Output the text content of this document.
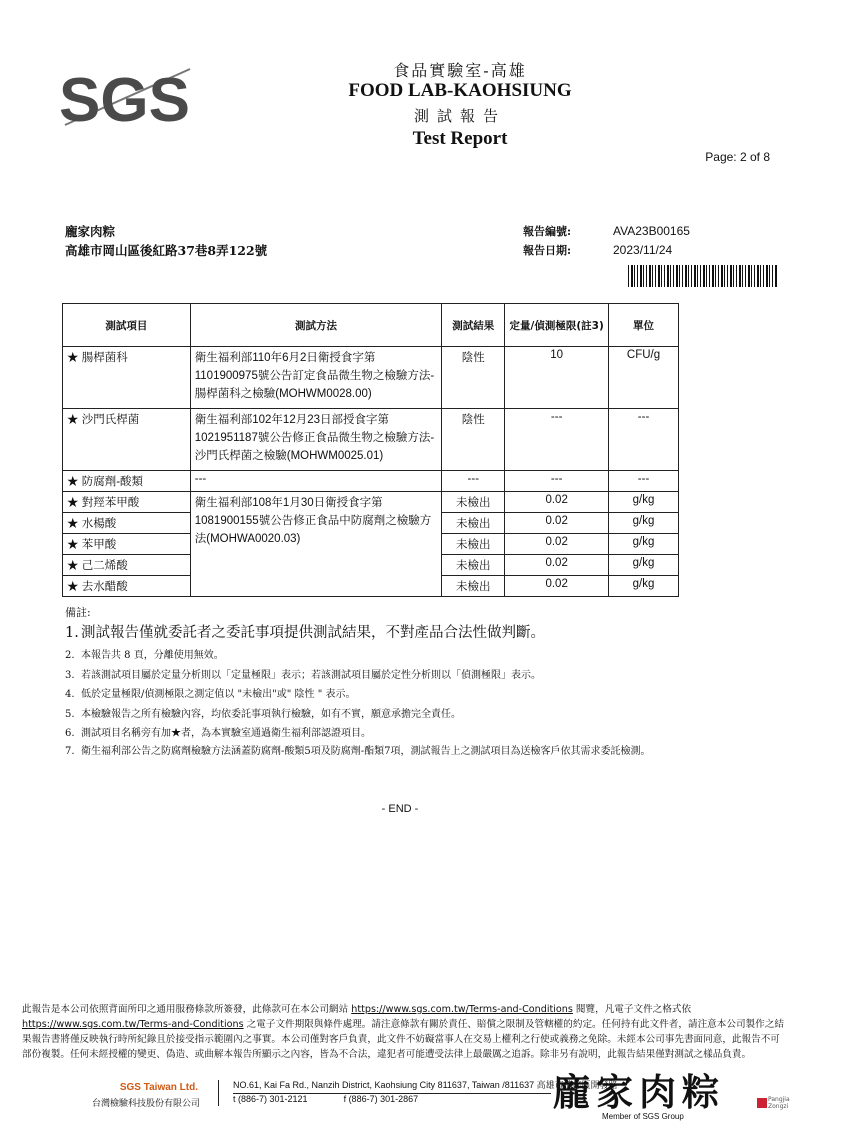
SGS	食品實驗室-高雄
FOOD LAB-KAOHSIUNG
測試報告
Test Report
Page: 2 of 8
龐家肉粽
高雄市岡山區後紅路37巷8弄122號
報告編號:
報告日期:
AVA23B00165
2023/11/24
測試項目	測試方法	測試結果	定量/偵測極限(註3)	單位
★ 腸桿菌科	衛生福利部110年6月2日衛授食字第1101900975號公告訂定食品微生物之檢驗方法-腸桿菌科之檢驗(MOHWM0028.00)	陰性	10	CFU/g
★ 沙門氏桿菌	衛生福利部102年12月23日部授食字第1021951187號公告修正食品微生物之檢驗方法-沙門氏桿菌之檢驗(MOHWM0025.01)	陰性	---	---
★ 防腐劑-酸類	---	---	---	---
★ 對羥苯甲酸	衛生福利部108年1月30日衛授食字第1081900155號公告修正食品中防腐劑之檢驗方法(MOHWA0020.03)	未檢出	0.02	g/kg
★ 水楊酸		未檢出	0.02	g/kg
★ 苯甲酸		未檢出	0.02	g/kg
★ 己二烯酸		未檢出	0.02	g/kg
★ 去水醋酸		未檢出	0.02	g/kg
備註:
1. 測試報告僅就委託者之委託事項提供測試結果，不對產品合法性做判斷。
2. 本報告共 8 頁，分離使用無效。
3. 若該測試項目屬於定量分析則以「定量極限」表示；若該測試項目屬於定性分析則以「偵測極限」表示。
4. 低於定量極限/偵測極限之測定值以 "未檢出"或" 陰性 " 表示。
5. 本檢驗報告之所有檢驗內容，均依委託事項執行檢驗，如有不實，願意承擔完全責任。
6. 測試項目名稱旁有加★者，為本實驗室通過衛生福利部認證項目。
7. 衛生福利部公告之防腐劑檢驗方法涵蓋防腐劑-酸類5項及防腐劑-酯類7項，測試報告上之測試項目為送檢客戶依其需求委託檢測。
- END -
此報告是本公司依照背面所印之通用服務條款所簽發，此條款可在本公司網站 https://www.sgs.com.tw/Terms-and-Conditions 閱覽，凡電子文件之格式依
https://www.sgs.com.tw/Terms-and-Conditions 之電子文件期限與條件處理。請注意條款有關於責任、賠償之限制及管轄權的約定。任何持有此文件者，請注意本公司製作之結果報告書將僅反映執行時所紀錄且於接受指示範圍內之事實。本公司僅對客戶負責，此文件不妨礙當事人在交易上權利之行使或義務之免除。未經本公司事先書面同意，此報告不可部份複製。任何未經授權的變更、偽造、或曲解本報告所顯示之內容，皆為不合法，違犯者可能遭受法律上最嚴厲之追訴。除非另有說明，此報告結果僅對測試之樣品負責。
SGS Taiwan Ltd.
台灣檢驗科技股份有限公司
NO.61, Kai Fa Rd., Nanzih District, Kaohsiung City 811637, Taiwan /811637 高雄市楠梓區開發路
t (886-7) 301-2121	f (886-7) 301-2867	龐家肉粽
Member of SGS Group
Pangjia Zongzi
